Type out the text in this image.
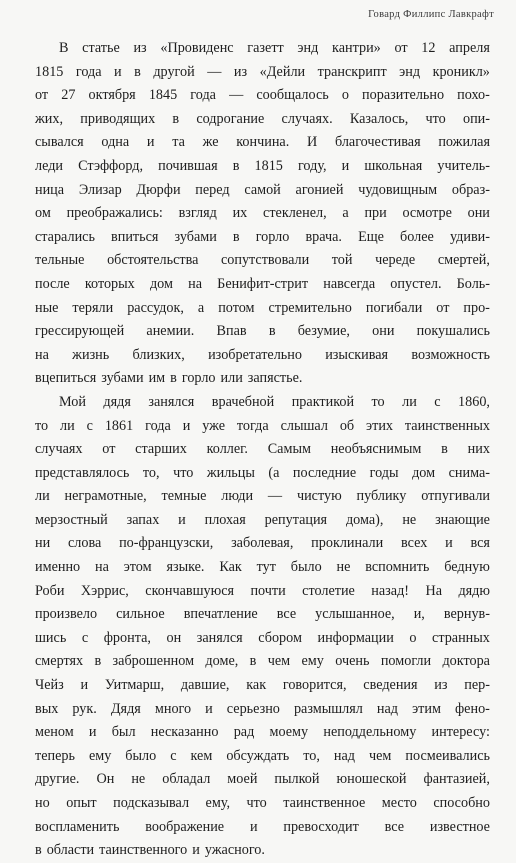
Говард Филлипс Лавкрафт
В статье из «Провиденс газетт энд кантри» от 12 апреля
1815 года и в другой — из «Дейли транскрипт энд кроникл»
от 27 октября 1845 года — сообщалось о поразительно похо-
жих, приводящих в содрогание случаях. Казалось, что опи-
сывался одна и та же кончина. И благочестивая пожилая
леди Стэффорд, почившая в 1815 году, и школьная учитель-
ница Элизар Дюрфи перед самой агонией чудовищным образ-
ом преображались: взгляд их стекленел, а при осмотре они
старались впиться зубами в горло врача. Еще более удиви-
тельные обстоятельства сопутствовали той череде смертей,
после которых дом на Бенифит-стрит навсегда опустел. Боль-
ные теряли рассудок, а потом стремительно погибали от про-
грессирующей анемии. Впав в безумие, они покушались
на жизнь близких, изобретательно изыскивая возможность
вцепиться зубами им в горло или запястье.
Мой дядя занялся врачебной практикой то ли с 1860,
то ли с 1861 года и уже тогда слышал об этих таинственных
случаях от старших коллег. Самым необъяснимым в них
представлялось то, что жильцы (а последние годы дом снима-
ли неграмотные, темные люди — чистую публику отпугивали
мерзостный запах и плохая репутация дома), не знающие
ни слова по-французски, заболевая, проклинали всех и вся
именно на этом языке. Как тут было не вспомнить бедную
Роби Хэррис, скончавшуюся почти столетие назад! На дядю
произвело сильное впечатление все услышанное, и, вернув-
шись с фронта, он занялся сбором информации о странных
смертях в заброшенном доме, в чем ему очень помогли доктора
Чейз и Уитмарш, давшие, как говорится, сведения из пер-
вых рук. Дядя много и серьезно размышлял над этим фено-
меном и был несказанно рад моему неподдельному интересу:
теперь ему было с кем обсуждать то, над чем посмеивались
другие. Он не обладал моей пылкой юношеской фантазией,
но опыт подсказывал ему, что таинственное место способно
воспламенить воображение и превосходит все известное
в области таинственного и ужасного.
